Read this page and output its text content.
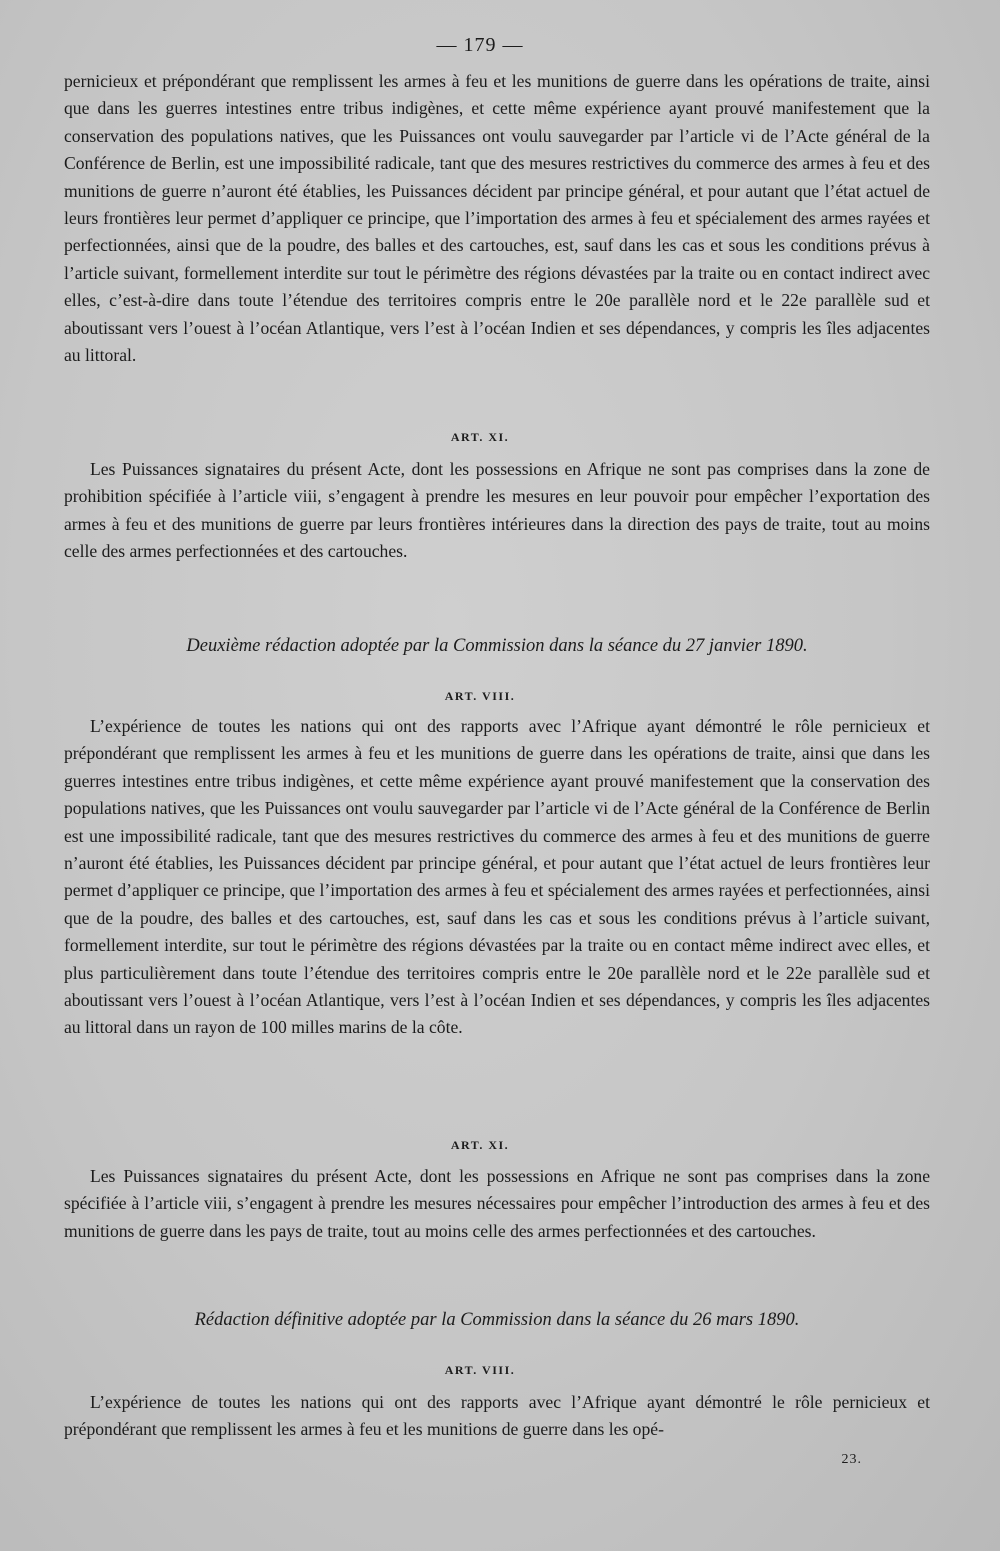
— 179 —

pernicieux et prépondérant que remplissent les armes à feu et les munitions de guerre dans les opérations de traite, ainsi que dans les guerres intestines entre tribus indigènes, et cette même expérience ayant prouvé manifestement que la conservation des populations natives, que les Puissances ont voulu sauvegarder par l’article vi de l’Acte général de la Conférence de Berlin, est une impossibilité radicale, tant que des mesures restrictives du commerce des armes à feu et des munitions de guerre n’auront été établies, les Puissances décident par principe général, et pour autant que l’état actuel de leurs frontières leur permet d’appliquer ce principe, que l’importation des armes à feu et spécialement des armes rayées et perfectionnées, ainsi que de la poudre, des balles et des cartouches, est, sauf dans les cas et sous les conditions prévus à l’article suivant, formellement interdite sur tout le périmètre des régions dévastées par la traite ou en contact indirect avec elles, c’est-à-dire dans toute l’étendue des territoires compris entre le 20e parallèle nord et le 22e parallèle sud et aboutissant vers l’ouest à l’océan Atlantique, vers l’est à l’océan Indien et ses dépendances, y compris les îles adjacentes au littoral.

ART. XI.

Les Puissances signataires du présent Acte, dont les possessions en Afrique ne sont pas comprises dans la zone de prohibition spécifiée à l’article viii, s’engagent à prendre les mesures en leur pouvoir pour empêcher l’exportation des armes à feu et des munitions de guerre par leurs frontières intérieures dans la direction des pays de traite, tout au moins celle des armes perfectionnées et des cartouches.

Deuxième rédaction adoptée par la Commission dans la séance du 27 janvier 1890.
ART. VIII.

L’expérience de toutes les nations qui ont des rapports avec l’Afrique ayant démontré le rôle pernicieux et prépondérant que remplissent les armes à feu et les munitions de guerre dans les opérations de traite, ainsi que dans les guerres intestines entre tribus indigènes, et cette même expérience ayant prouvé manifestement que la conservation des populations natives, que les Puissances ont voulu sauvegarder par l’article vi de l’Acte général de la Conférence de Berlin est une impossibilité radicale, tant que des mesures restrictives du commerce des armes à feu et des munitions de guerre n’auront été établies, les Puissances décident par principe général, et pour autant que l’état actuel de leurs frontières leur permet d’appliquer ce principe, que l’importation des armes à feu et spécialement des armes rayées et perfectionnées, ainsi que de la poudre, des balles et des cartouches, est, sauf dans les cas et sous les conditions prévus à l’article suivant, formellement interdite, sur tout le périmètre des régions dévastées par la traite ou en contact même indirect avec elles, et plus particulièrement dans toute l’étendue des territoires compris entre le 20e parallèle nord et le 22e parallèle sud et aboutissant vers l’ouest à l’océan Atlantique, vers l’est à l’océan Indien et ses dépendances, y compris les îles adjacentes au littoral dans un rayon de 100 milles marins de la côte.

ART. XI.

Les Puissances signataires du présent Acte, dont les possessions en Afrique ne sont pas comprises dans la zone spécifiée à l’article viii, s’engagent à prendre les mesures nécessaires pour empêcher l’introduction des armes à feu et des munitions de guerre dans les pays de traite, tout au moins celle des armes perfectionnées et des cartouches.

Rédaction définitive adoptée par la Commission dans la séance du 26 mars 1890.
ART. VIII.

L’expérience de toutes les nations qui ont des rapports avec l’Afrique ayant démontré le rôle pernicieux et prépondérant que remplissent les armes à feu et les munitions de guerre dans les opé-

23.
